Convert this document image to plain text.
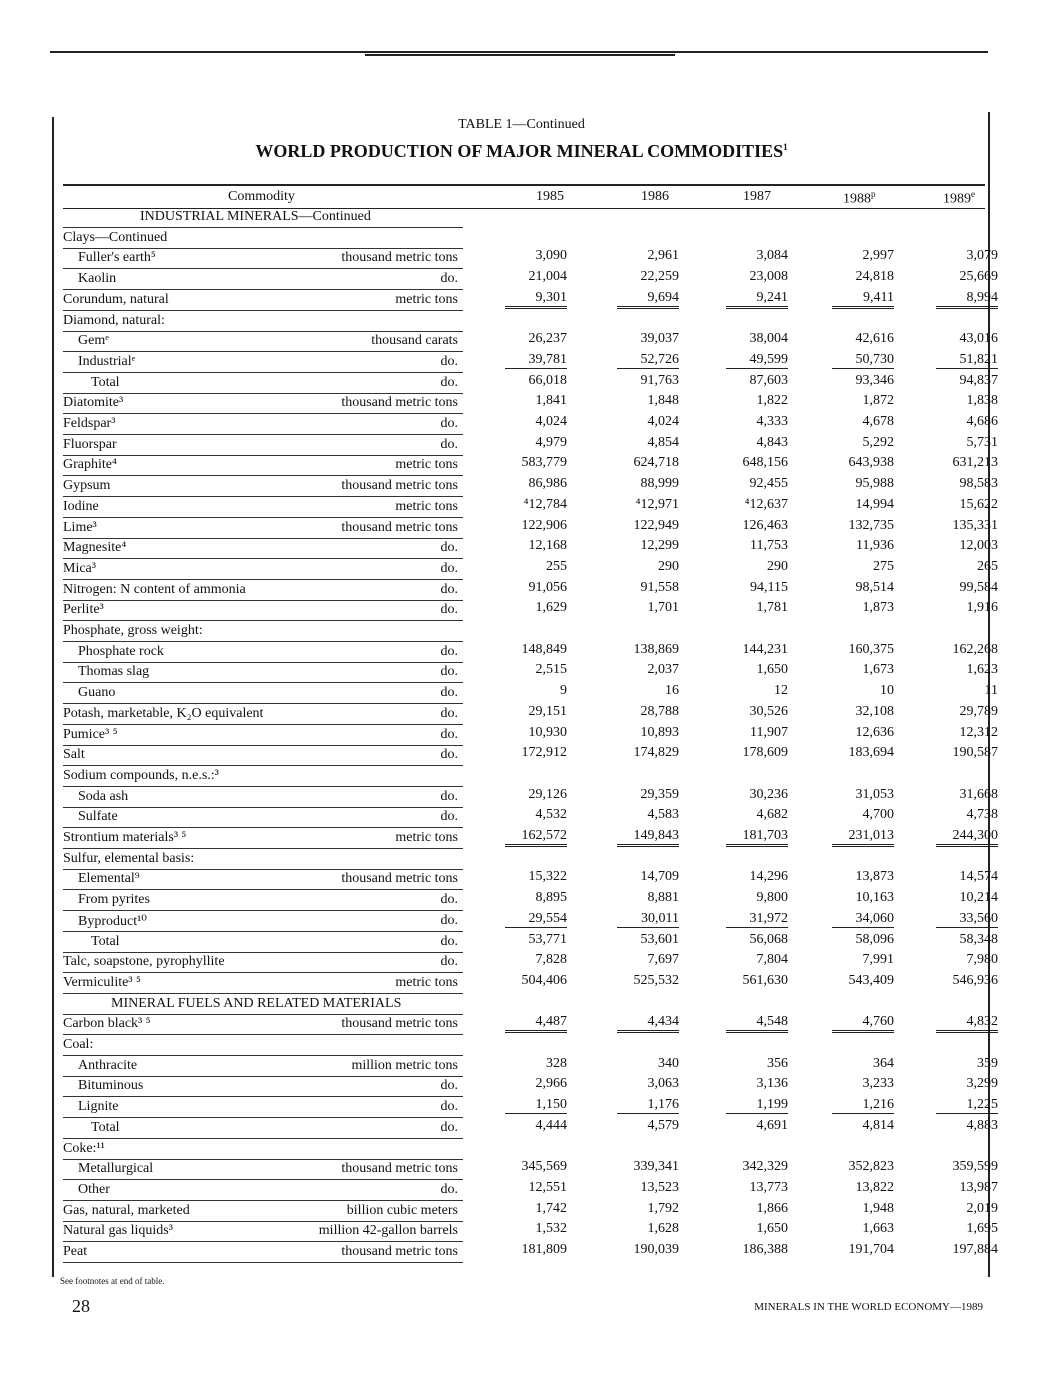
TABLE 1—Continued
WORLD PRODUCTION OF MAJOR MINERAL COMMODITIES$^1$
Commodity	1985	1986	1987	1988$^p$	1989e
INDUSTRIAL MINERALS—Continued
Clays—Continued
Fuller's earth⁵	thousand metric tons	3,090	2,961	3,084	2,997	3,079
Kaolin	do.	21,004	22,259	23,008	24,818	25,669
Corundum, natural	metric tons	9,301	9,694	9,241	9,411	8,994
Diamond, natural:
Gemᵉ	thousand carats	26,237	39,037	38,004	42,616	43,016
Industrialᵉ	do.	39,781	52,726	49,599	50,730	51,821
Total	do.	66,018	91,763	87,603	93,346	94,837
Diatomite³	thousand metric tons	1,841	1,848	1,822	1,872	1,838
Feldspar³	do.	4,024	4,024	4,333	4,678	4,686
Fluorspar	do.	4,979	4,854	4,843	5,292	5,731
Graphite⁴	metric tons	583,779	624,718	648,156	643,938	631,213
Gypsum	thousand metric tons	86,986	88,999	92,455	95,988	98,583
Iodine	metric tons	⁴12,784	⁴12,971	⁴12,637	14,994	15,622
Lime³	thousand metric tons	122,906	122,949	126,463	132,735	135,331
Magnesite⁴	do.	12,168	12,299	11,753	11,936	12,003
Mica³	do.	255	290	290	275	265
Nitrogen: N content of ammonia	do.	91,056	91,558	94,115	98,514	99,584
Perlite³	do.	1,629	1,701	1,781	1,873	1,916
Phosphate, gross weight:
Phosphate rock	do.	148,849	138,869	144,231	160,375	162,268
Thomas slag	do.	2,515	2,037	1,650	1,673	1,623
Guano	do.	9	16	12	10	11
Potash, marketable, K₂O equivalent	do.	29,151	28,788	30,526	32,108	29,789
Pumice³ ⁵	do.	10,930	10,893	11,907	12,636	12,312
Salt	do.	172,912	174,829	178,609	183,694	190,587
Sodium compounds, n.e.s.:³
Soda ash	do.	29,126	29,359	30,236	31,053	31,668
Sulfate	do.	4,532	4,583	4,682	4,700	4,738
Strontium materials³ ⁵	metric tons	162,572	149,843	181,703	231,013	244,300
Sulfur, elemental basis:
Elemental⁹	thousand metric tons	15,322	14,709	14,296	13,873	14,574
From pyrites	do.	8,895	8,881	9,800	10,163	10,214
Byproduct¹⁰	do.	29,554	30,011	31,972	34,060	33,560
Total	do.	53,771	53,601	56,068	58,096	58,348
Talc, soapstone, pyrophyllite	do.	7,828	7,697	7,804	7,991	7,980
Vermiculite³ ⁵	metric tons	504,406	525,532	561,630	543,409	546,936
MINERAL FUELS AND RELATED MATERIALS
Carbon black³ ⁵	thousand metric tons	4,487	4,434	4,548	4,760	4,832
Coal:
Anthracite	million metric tons	328	340	356	364	359
Bituminous	do.	2,966	3,063	3,136	3,233	3,299
Lignite	do.	1,150	1,176	1,199	1,216	1,225
Total	do.	4,444	4,579	4,691	4,814	4,883
Coke:¹¹
Metallurgical	thousand metric tons	345,569	339,341	342,329	352,823	359,599
Other	do.	12,551	13,523	13,773	13,822	13,987
Gas, natural, marketed	billion cubic meters	1,742	1,792	1,866	1,948	2,019
Natural gas liquids³	million 42-gallon barrels	1,532	1,628	1,650	1,663	1,695
Peat	thousand metric tons	181,809	190,039	186,388	191,704	197,884
See footnotes at end of table.
28	MINERALS IN THE WORLD ECONOMY—1989
